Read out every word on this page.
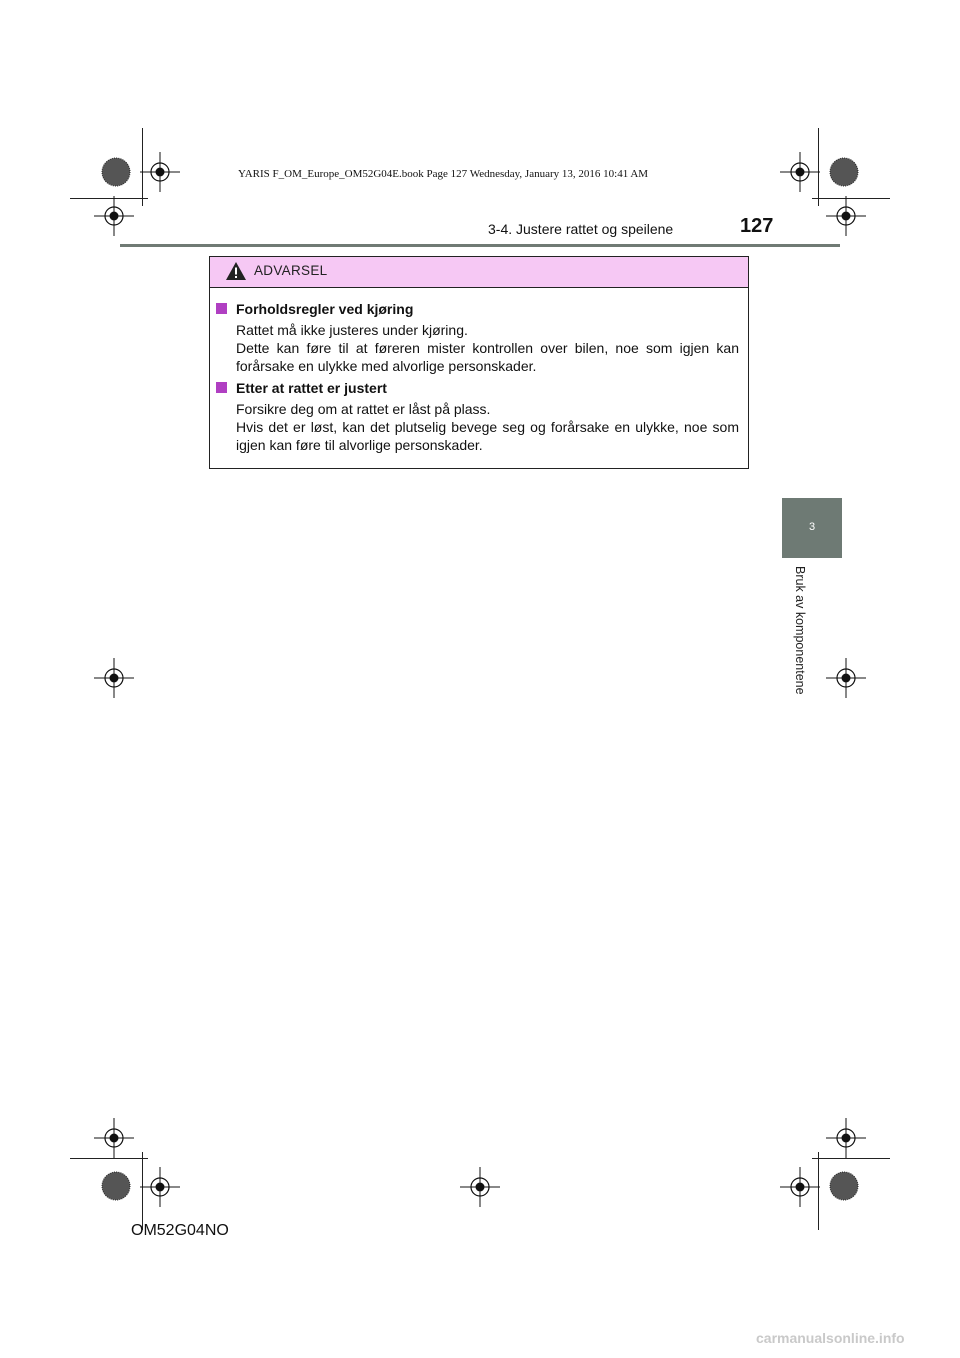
YARIS F_OM_Europe_OM52G04E.book Page 127 Wednesday, January 13, 2016 10:41 AM
3-4. Justere rattet og speilene	127
3
Bruk av komponentene
ADVARSEL
Forholdsregler ved kjøring
Rattet må ikke justeres under kjøring.
Dette kan føre til at føreren mister kontrollen over bilen, noe som igjen kan forårsake en ulykke med alvorlige personskader.
Etter at rattet er justert
Forsikre deg om at rattet er låst på plass.
Hvis det er løst, kan det plutselig bevege seg og forårsake en ulykke, noe som igjen kan føre til alvorlige personskader.
OM52G04NO
carmanualsonline.info
